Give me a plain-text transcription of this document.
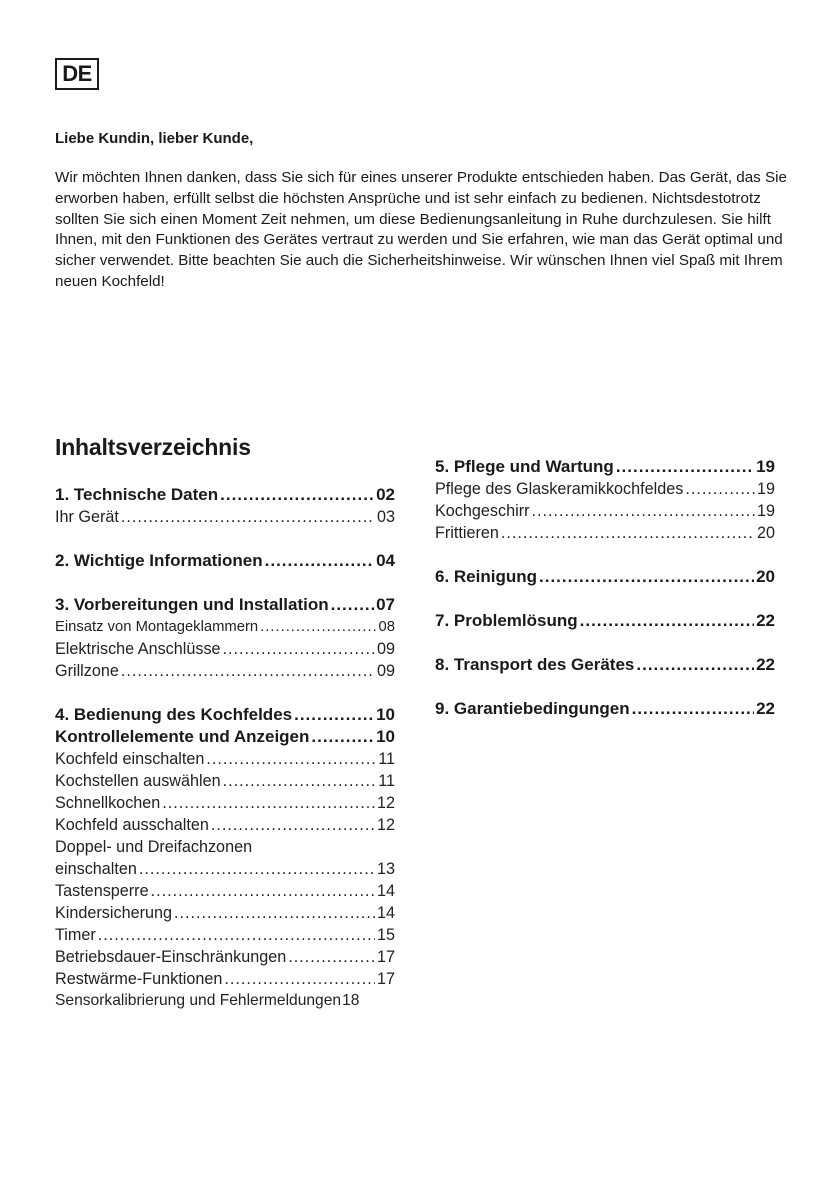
DE
Liebe Kundin, lieber Kunde,

Wir möchten Ihnen danken, dass Sie sich für eines unserer Produkte entschieden haben. Das Gerät, das Sie erworben haben, erfüllt selbst die höchsten Ansprüche und ist sehr einfach zu bedienen. Nichtsdestotrotz sollten Sie sich einen Moment Zeit nehmen, um diese Bedienungsanleitung in Ruhe durchzulesen. Sie hilft Ihnen, mit den Funktionen des Gerätes vertraut zu werden und Sie erfahren, wie man das Gerät optimal und sicher verwendet. Bitte beachten Sie auch die Sicherheitshinweise. Wir wünschen Ihnen viel Spaß mit Ihrem neuen Kochfeld!

Inhaltsverzeichnis
1. Technische Daten .....	02
Ihr Gerät .....	03
2. Wichtige Informationen .....	04
3. Vorbereitungen und Installation .....	07
Einsatz von Montageklammern .....	08
Elektrische Anschlüsse .....	09
Grillzone .....	09
4. Bedienung des Kochfeldes .....	10
Kontrollelemente und Anzeigen .....	10
Kochfeld einschalten .....	11
Kochstellen auswählen .....	11
Schnellkochen .....	12
Kochfeld ausschalten .....	12
Doppel- und Dreifachzonen
einschalten .....	13
Tastensperre .....	14
Kindersicherung .....	14
Timer .....	15
Betriebsdauer-Einschränkungen .....	17
Restwärme-Funktionen .....	17
Sensorkalibrierung und Fehlermeldungen 18
5. Pflege und Wartung .....	19
Pflege des Glaskeramikkochfeldes .....	19
Kochgeschirr .....	19
Frittieren .....	20
6. Reinigung .....	20
7. Problemlösung .....	22
8. Transport des Gerätes .....	22
9. Garantiebedingungen .....	22
